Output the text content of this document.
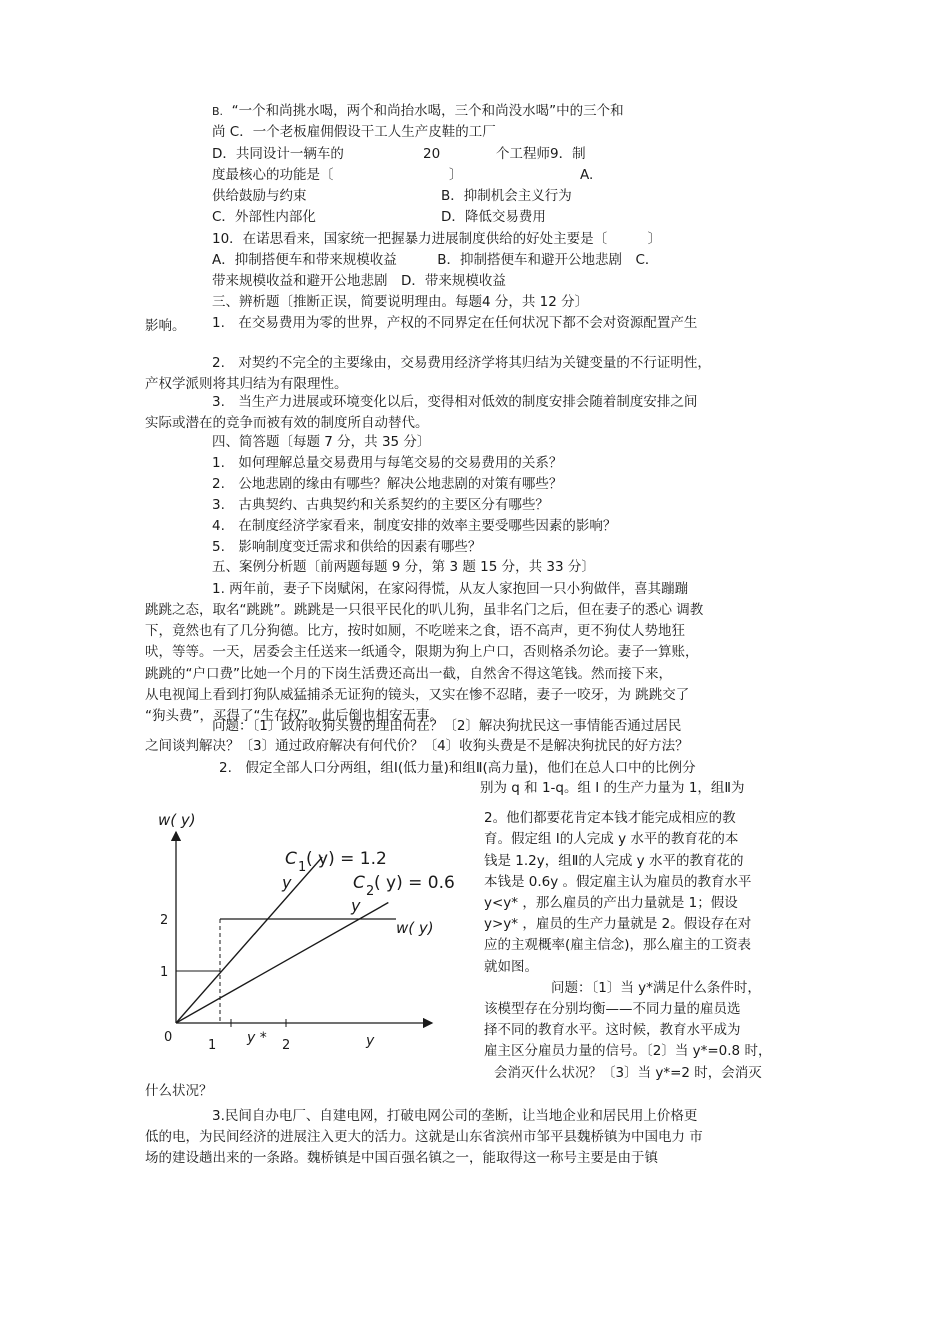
B. “一个和尚挑水喝，两个和尚抬水喝，三个和尚没水喝”中的三个和
尚 C．一个老板雇佣假设干工人生产皮鞋的工厂
D．共同设计一辆车的	20	个工程师9．制
度最核心的功能是〔	〕	A.
供给鼓励与约束	B．抑制机会主义行为
C．外部性内部化	D．降低交易费用
10．在诺思看来，国家统一把握暴力进展制度供给的好处主要是〔　　　〕
A．抑制搭便车和带来规模收益　　　B．抑制搭便车和避开公地悲剧　C．
带来规模收益和避开公地悲剧　D．带来规模收益
三、辨析题〔推断正误，简要说明理由。每题4 分，共 12 分〕
1.　在交易费用为零的世界，产权的不同界定在任何状况下都不会对资源配置产生
影响。
2.　对契约不完全的主要缘由，交易费用经济学将其归结为关键变量的不行证明性，
产权学派则将其归结为有限理性。
3.　当生产力进展或环境变化以后，变得相对低效的制度安排会随着制度安排之间
实际或潜在的竞争而被有效的制度所自动替代。
四、简答题〔每题 7 分，共 35 分〕
1.　如何理解总量交易费用与每笔交易的交易费用的关系？
2.　公地悲剧的缘由有哪些？解决公地悲剧的对策有哪些？
3.　古典契约、古典契约和关系契约的主要区分有哪些？
4.　在制度经济学家看来，制度安排的效率主要受哪些因素的影响？
5.　影响制度变迁需求和供给的因素有哪些？
五、案例分析题〔前两题每题 9 分，第 3 题 15 分，共 33 分〕
1. 两年前，妻子下岗赋闲，在家闷得慌，从友人家抱回一只小狗做伴，喜其蹦蹦
跳跳之态，取名“跳跳”。跳跳是一只很平民化的叭儿狗，虽非名门之后，但在妻子的悉心 调教
下，竟然也有了几分狗德。比方，按时如厕，不吃嗟来之食，语不高声，更不狗仗人势地狂
吠，等等。一天，居委会主任送来一纸通令，限期为狗上户口，否则格杀勿论。妻子一算账，
跳跳的“户口费”比她一个月的下岗生活费还高出一截，自然舍不得这笔钱。然而接下来，
从电视闻上看到打狗队威猛捕杀无证狗的镜头，又实在惨不忍睹，妻子一咬牙，为 跳跳交了
“狗头费”，买得了“生存权”。此后倒也相安无事。
问题：〔1〕政府收狗头费的理由何在？〔2〕解决狗扰民这一事情能否通过居民
之间谈判解决？〔3〕通过政府解决有何代价？〔4〕收狗头费是不是解决狗扰民的好方法？
2.　假定全部人口分两组，组Ⅰ(低力量)和组Ⅱ(高力量)，他们在总人口中的比例分
别为 q 和 1-q。组 I 的生产力量为 1，组Ⅱ为
2。他们都要花肯定本钱才能完成相应的教
育。假定组 I的人完成 y 水平的教育花的本
钱是 1.2y，组Ⅱ的人完成 y 水平的教育花的
本钱是 0.6y 。假定雇主认为雇员的教育水平
y<y* ，那么雇员的产出力量就是 1；假设
y>y* ，雇员的生产力量就是 2。假设存在对
应的主观概率(雇主信念)，那么雇主的工资表
就如图。
问题：〔1〕当 y*满足什么条件时，
该模型存在分别均衡——不同力量的雇员选
择不同的教育水平。这时候，教育水平成为
雇主区分雇员力量的信号。〔2〕当 y*=0.8 时，
会消灭什么状况？〔3〕当 y*=2 时，会消灭
什么状况？
3.民间自办电厂、自建电网，打破电网公司的垄断，让当地企业和居民用上价格更
低的电，为民间经济的进展注入更大的活力。这就是山东省滨州市邹平县魏桥镇为中国电力 市
场的建设趟出来的一条路。魏桥镇是中国百强名镇之一，能取得这一称号主要是由于镇
w( y)
y
0
1	2
1
2
y *
C 1 ( y) = 1.2
y	C 2 ( y) = 0.6
y
w( y)
